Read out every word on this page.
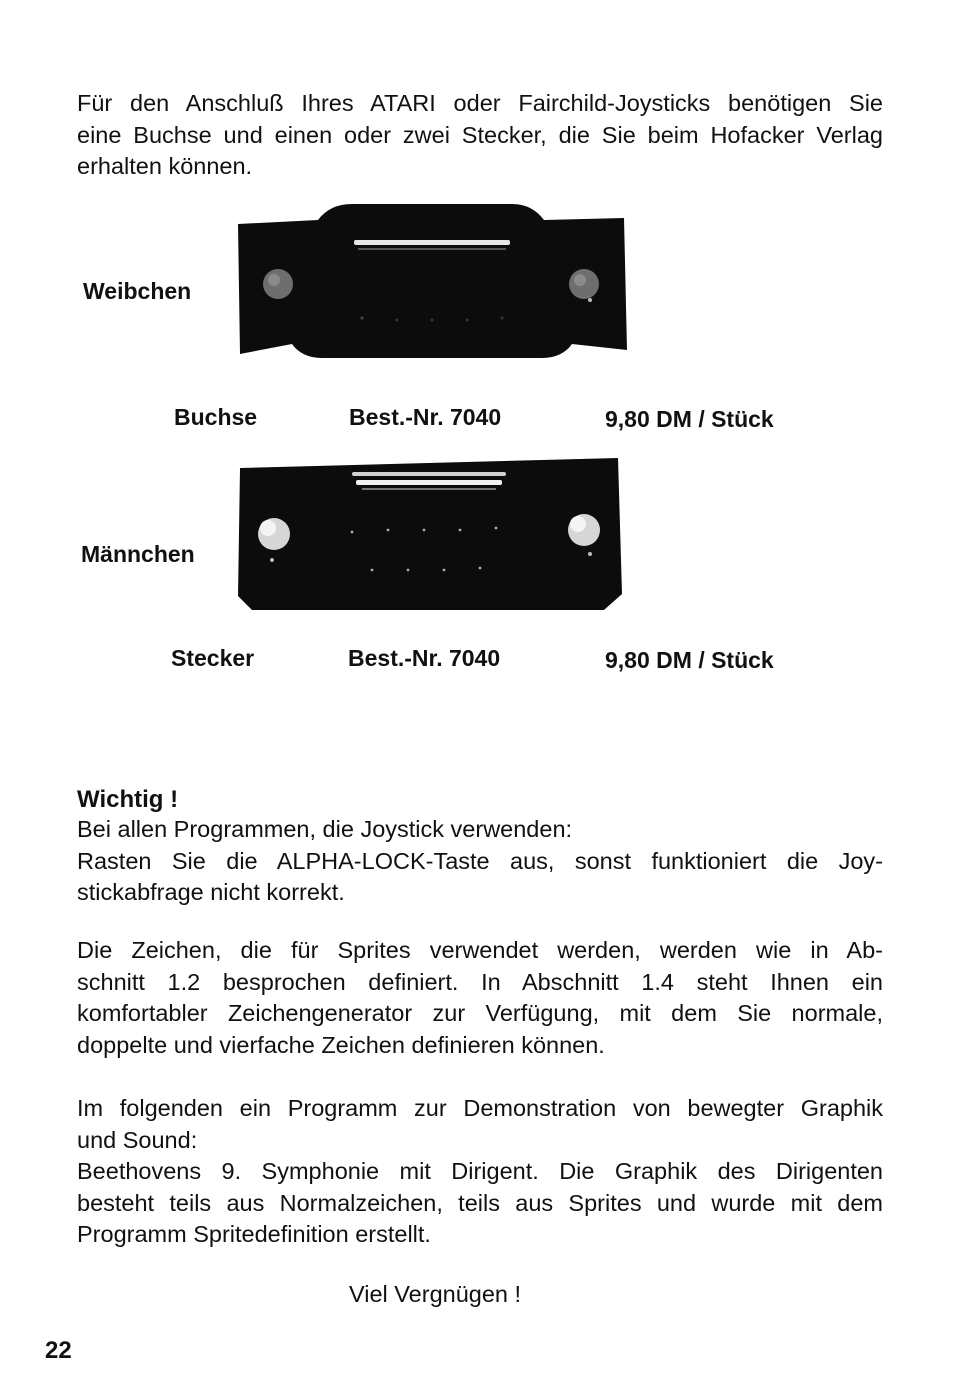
Für den Anschluß Ihres ATARI oder Fairchild-Joysticks benötigen Sie
eine Buchse und einen oder zwei Stecker, die Sie beim Hofacker Verlag
erhalten können.

Weibchen
Buchse	Best.-Nr. 7040	9,80 DM / Stück
Männchen
Stecker	Best.-Nr. 7040	9,80 DM / Stück
Wichtig !

Bei allen Programmen, die Joystick verwenden:
Rasten Sie die ALPHA-LOCK-Taste aus, sonst funktioniert die Joy-
stickabfrage nicht korrekt.

Die Zeichen, die für Sprites verwendet werden, werden wie in Ab-
schnitt 1.2 besprochen definiert. In Abschnitt 1.4 steht Ihnen ein
komfortabler Zeichengenerator zur Verfügung, mit dem Sie normale,
doppelte und vierfache Zeichen definieren können.

Im folgenden ein Programm zur Demonstration von bewegter Graphik
und Sound:
Beethovens 9. Symphonie mit Dirigent. Die Graphik des Dirigenten
besteht teils aus Normalzeichen, teils aus Sprites und wurde mit dem
Programm Spritedefinition erstellt.

Viel Vergnügen !
22
